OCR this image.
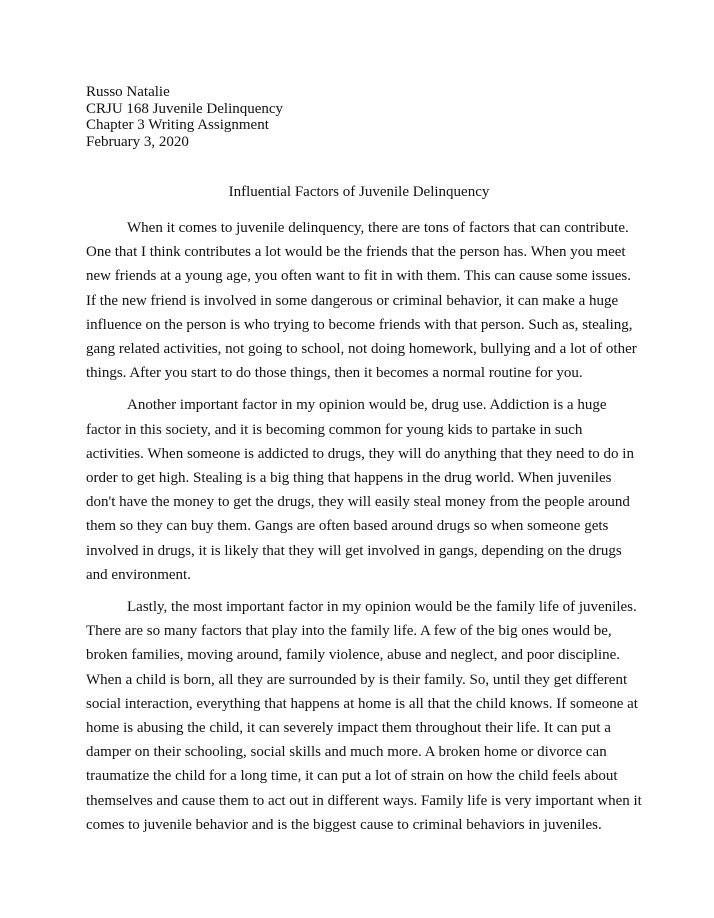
Russo Natalie
CRJU 168 Juvenile Delinquency
Chapter 3 Writing Assignment
February 3, 2020
Influential Factors of Juvenile Delinquency

When it comes to juvenile delinquency, there are tons of factors that can contribute. One that I think contributes a lot would be the friends that the person has. When you meet new friends at a young age, you often want to fit in with them. This can cause some issues. If the new friend is involved in some dangerous or criminal behavior, it can make a huge influence on the person is who trying to become friends with that person. Such as, stealing, gang related activities, not going to school, not doing homework, bullying and a lot of other things. After you start to do those things, then it becomes a normal routine for you.

Another important factor in my opinion would be, drug use. Addiction is a huge factor in this society, and it is becoming common for young kids to partake in such activities. When someone is addicted to drugs, they will do anything that they need to do in order to get high. Stealing is a big thing that happens in the drug world. When juveniles don't have the money to get the drugs, they will easily steal money from the people around them so they can buy them. Gangs are often based around drugs so when someone gets involved in drugs, it is likely that they will get involved in gangs, depending on the drugs and environment.

Lastly, the most important factor in my opinion would be the family life of juveniles. There are so many factors that play into the family life. A few of the big ones would be, broken families, moving around, family violence, abuse and neglect, and poor discipline. When a child is born, all they are surrounded by is their family. So, until they get different social interaction, everything that happens at home is all that the child knows. If someone at home is abusing the child, it can severely impact them throughout their life. It can put a damper on their schooling, social skills and much more. A broken home or divorce can traumatize the child for a long time, it can put a lot of strain on how the child feels about themselves and cause them to act out in different ways. Family life is very important when it comes to juvenile behavior and is the biggest cause to criminal behaviors in juveniles.
